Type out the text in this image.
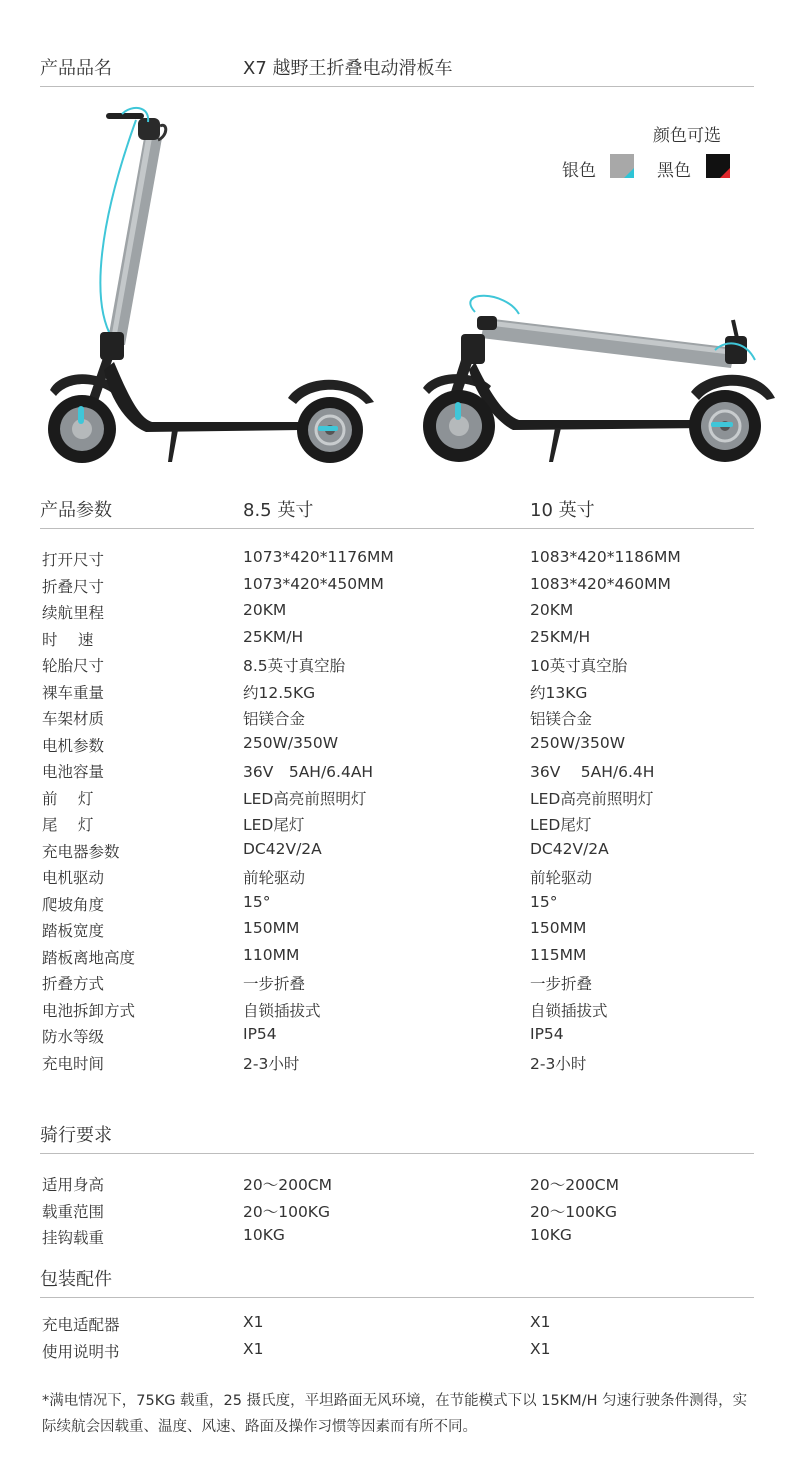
产品品名	X7 越野王折叠电动滑板车
颜色可选
银色	黑色
产品参数	8.5 英寸	10 英寸
打开尺寸	1073*420*1176MM	1083*420*1186MM
折叠尺寸	1073*420*450MM	1083*420*460MM
续航里程	20KM	20KM
时　 速	25KM/H	25KM/H
轮胎尺寸	8.5英寸真空胎	10英寸真空胎
裸车重量	约12.5KG	约13KG
车架材质	铝镁合金	铝镁合金
电机参数	250W/350W	250W/350W
电池容量	36V　5AH/6.4AH	36V　 5AH/6.4H
前　 灯	LED高亮前照明灯	LED高亮前照明灯
尾　 灯	LED尾灯	LED尾灯
充电器参数	DC42V/2A	DC42V/2A
电机驱动	前轮驱动	前轮驱动
爬坡角度	15°	15°
踏板宽度	150MM	150MM
踏板离地高度	110MM	115MM
折叠方式	一步折叠	一步折叠
电池拆卸方式	自锁插拔式	自锁插拔式
防水等级	IP54	IP54
充电时间	2-3小时	2-3小时
骑行要求
适用身高	20～200CM	20～200CM
载重范围	20～100KG	20～100KG
挂钩载重	10KG	10KG
包装配件
充电适配器	X1	X1
使用说明书	X1	X1
*满电情况下，75KG 载重，25 摄氏度，平坦路面无风环境，在节能模式下以 15KM/H 匀速行驶条件测得，实际续航会因载重、温度、风速、路面及操作习惯等因素而有所不同。
